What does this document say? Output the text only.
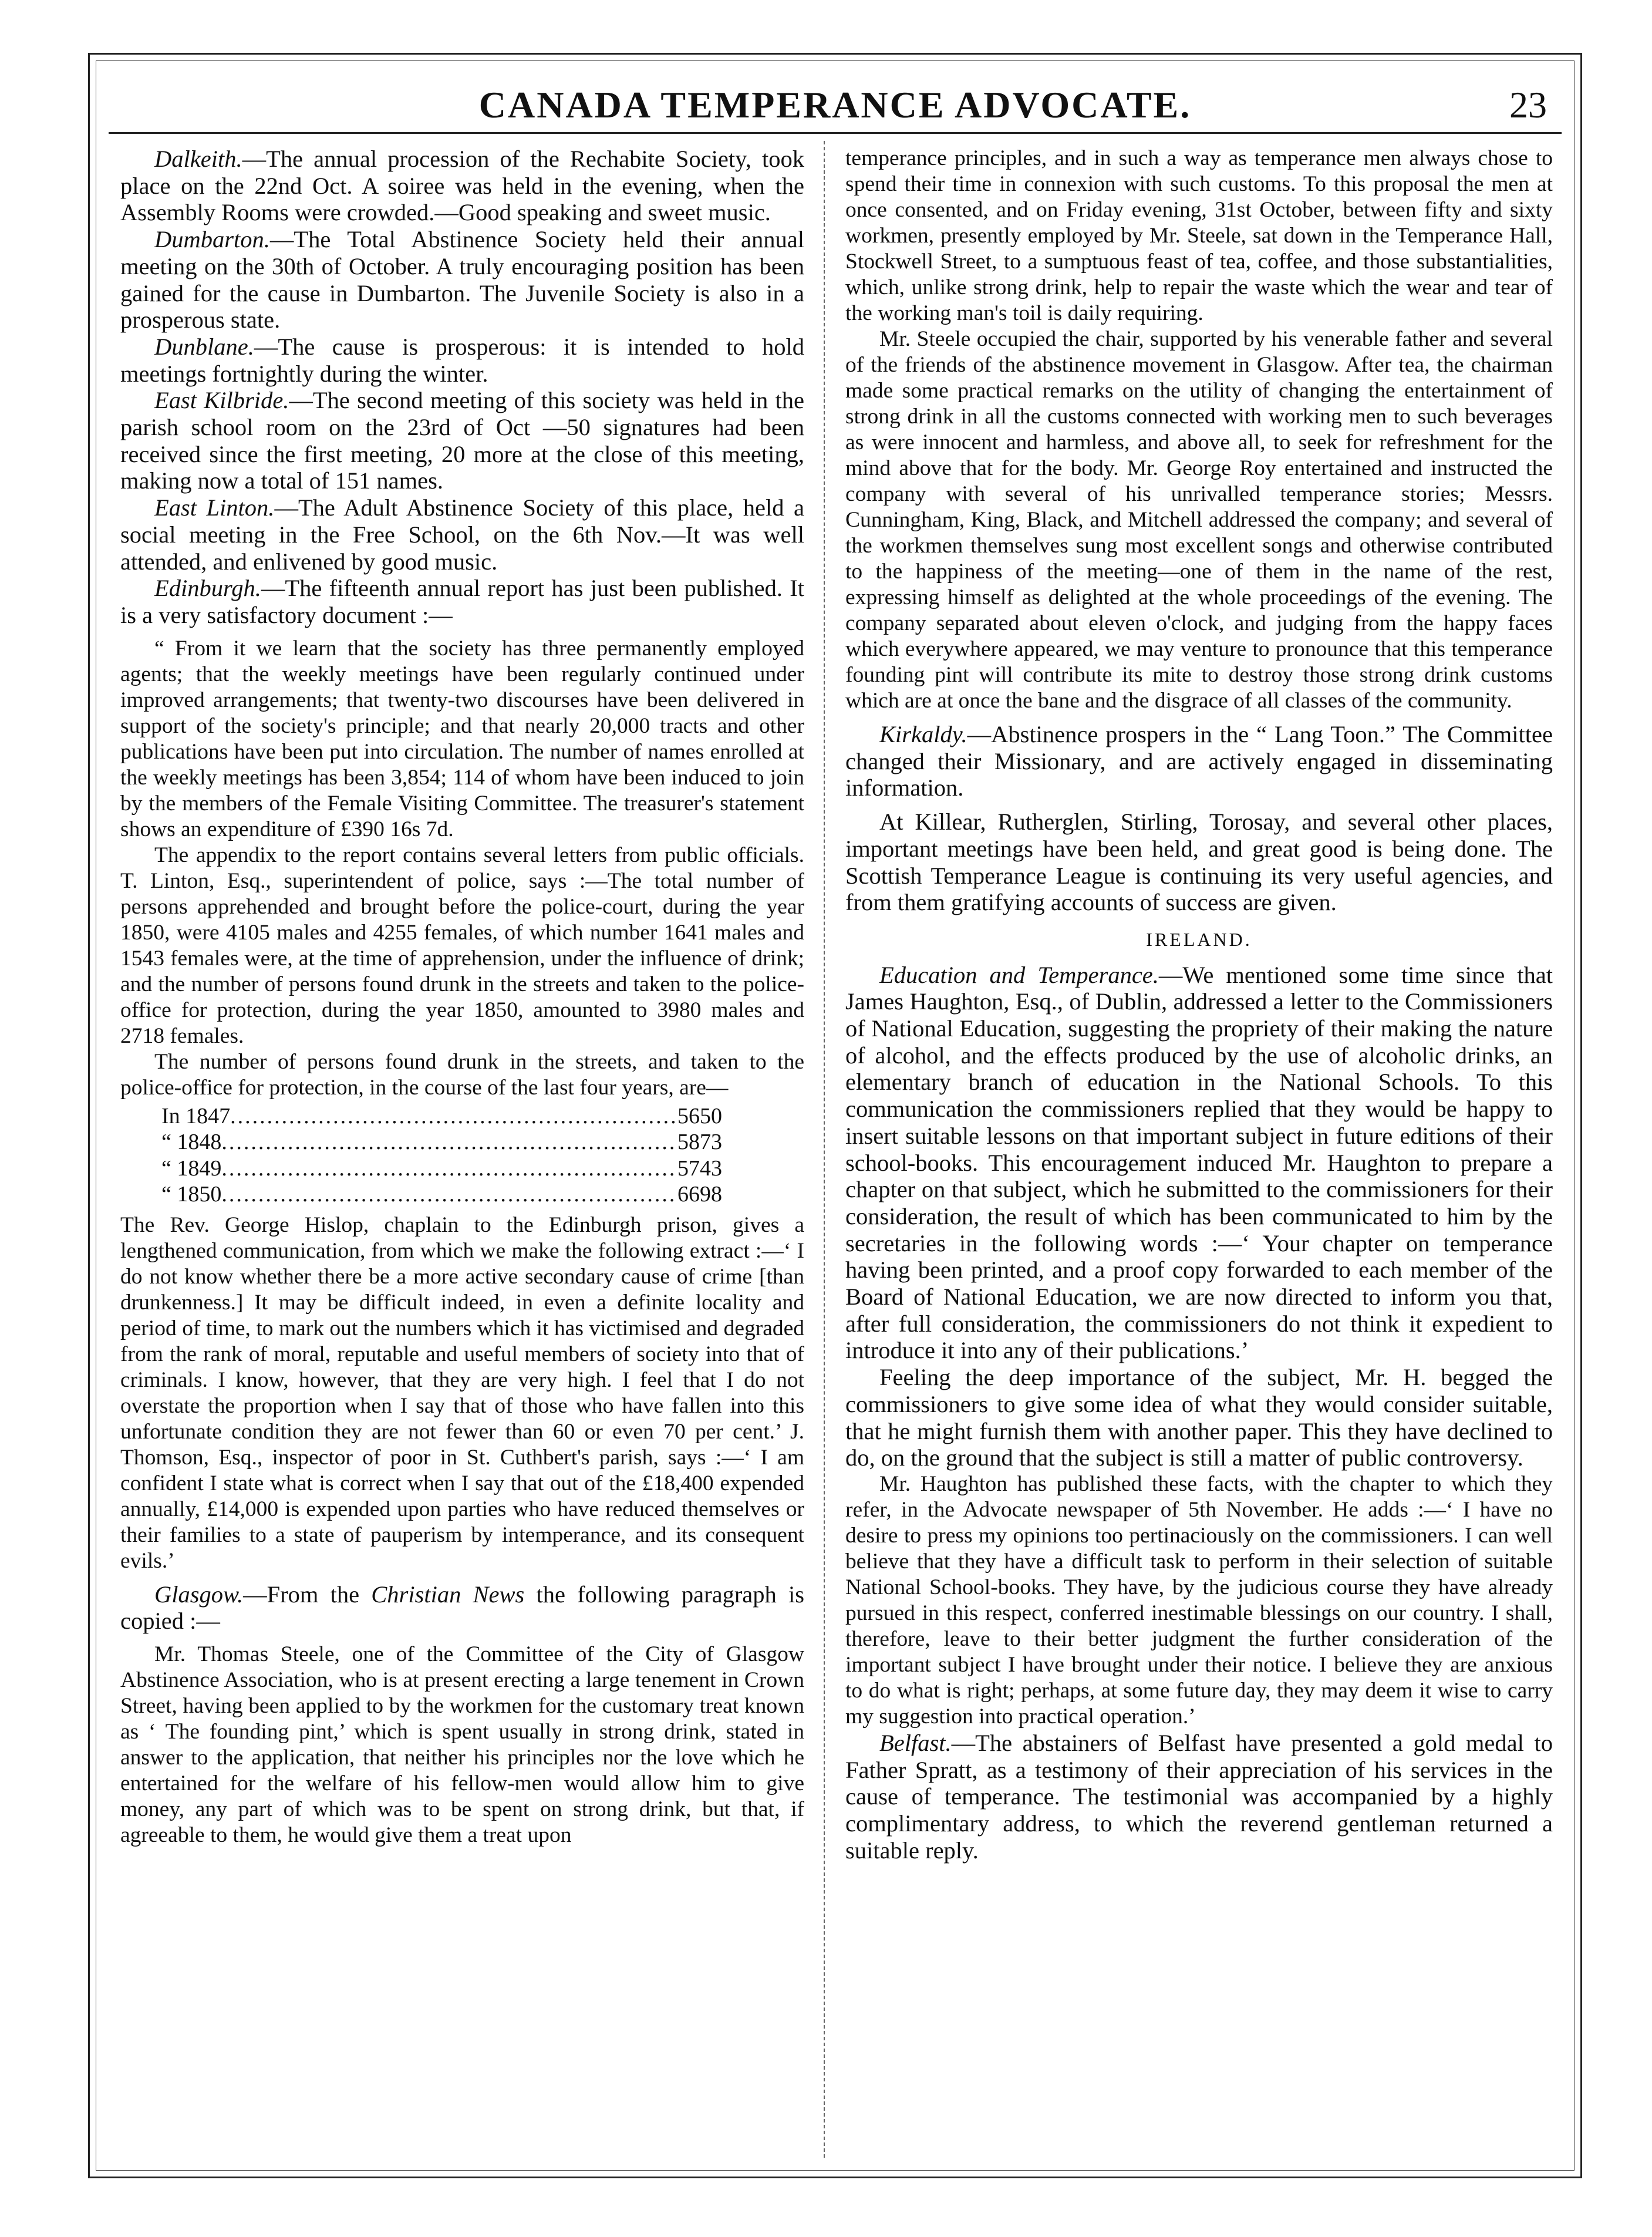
CANADA TEMPERANCE ADVOCATE.	23

Dalkeith.—The annual procession of the Rechabite Society, took place on the 22nd Oct. A soiree was held in the evening, when the Assembly Rooms were crowded.—Good speaking and sweet music.

Dumbarton.—The Total Abstinence Society held their annual meeting on the 30th of October. A truly encouraging position has been gained for the cause in Dumbarton. The Juvenile Society is also in a prosperous state.

Dunblane.—The cause is prosperous: it is intended to hold meetings fortnightly during the winter.

East Kilbride.—The second meeting of this society was held in the parish school room on the 23rd of Oct —50 signatures had been received since the first meeting, 20 more at the close of this meeting, making now a total of 151 names.

East Linton.—The Adult Abstinence Society of this place, held a social meeting in the Free School, on the 6th Nov.—It was well attended, and enlivened by good music.

Edinburgh.—The fifteenth annual report has just been published. It is a very satisfactory document :—

“ From it we learn that the society has three permanently employed agents; that the weekly meetings have been regularly continued under improved arrangements; that twenty-two discourses have been delivered in support of the society's principle; and that nearly 20,000 tracts and other publications have been put into circulation. The number of names enrolled at the weekly meetings has been 3,854; 114 of whom have been induced to join by the members of the Female Visiting Committee. The treasurer's statement shows an expenditure of £390 16s 7d.

The appendix to the report contains several letters from public officials. T. Linton, Esq., superintendent of police, says :—The total number of persons apprehended and brought before the police-court, during the year 1850, were 4105 males and 4255 females, of which number 1641 males and 1543 females were, at the time of apprehension, under the influence of drink; and the number of persons found drunk in the streets and taken to the police-office for protection, during the year 1850, amounted to 3980 males and 2718 females.

The number of persons found drunk in the streets, and taken to the police-office for protection, in the course of the last four years, are—

In 1847 .....	5650
“ 1848 .....	5873
“ 1849 .....	5743
“ 1850 .....	6698

The Rev. George Hislop, chaplain to the Edinburgh prison, gives a lengthened communication, from which we make the following extract :—‘ I do not know whether there be a more active secondary cause of crime [than drunkenness.] It may be difficult indeed, in even a definite locality and period of time, to mark out the numbers which it has victimised and degraded from the rank of moral, reputable and useful members of society into that of criminals. I know, however, that they are very high. I feel that I do not overstate the proportion when I say that of those who have fallen into this unfortunate condition they are not fewer than 60 or even 70 per cent.’ J. Thomson, Esq., inspector of poor in St. Cuthbert's parish, says :—‘ I am confident I state what is correct when I say that out of the £18,400 expended annually, £14,000 is expended upon parties who have reduced themselves or their families to a state of pauperism by intemperance, and its consequent evils.’

Glasgow.—From the Christian News the following paragraph is copied :—

Mr. Thomas Steele, one of the Committee of the City of Glasgow Abstinence Association, who is at present erecting a large tenement in Crown Street, having been applied to by the workmen for the customary treat known as ‘ The founding pint,’ which is spent usually in strong drink, stated in answer to the application, that neither his principles nor the love which he entertained for the welfare of his fellow-men would allow him to give money, any part of which was to be spent on strong drink, but that, if agreeable to them, he would give them a treat upon

temperance principles, and in such a way as temperance men always chose to spend their time in connexion with such customs. To this proposal the men at once consented, and on Friday evening, 31st October, between fifty and sixty workmen, presently employed by Mr. Steele, sat down in the Temperance Hall, Stockwell Street, to a sumptuous feast of tea, coffee, and those substantialities, which, unlike strong drink, help to repair the waste which the wear and tear of the working man's toil is daily requiring.

Mr. Steele occupied the chair, supported by his venerable father and several of the friends of the abstinence movement in Glasgow. After tea, the chairman made some practical remarks on the utility of changing the entertainment of strong drink in all the customs connected with working men to such beverages as were innocent and harmless, and above all, to seek for refreshment for the mind above that for the body. Mr. George Roy entertained and instructed the company with several of his unrivalled temperance stories; Messrs. Cunningham, King, Black, and Mitchell addressed the company; and several of the workmen themselves sung most excellent songs and otherwise contributed to the happiness of the meeting—one of them in the name of the rest, expressing himself as delighted at the whole proceedings of the evening. The company separated about eleven o'clock, and judging from the happy faces which everywhere appeared, we may venture to pronounce that this temperance founding pint will contribute its mite to destroy those strong drink customs which are at once the bane and the disgrace of all classes of the community.

Kirkaldy.—Abstinence prospers in the “ Lang Toon.” The Committee changed their Missionary, and are actively engaged in disseminating information.

At Killear, Rutherglen, Stirling, Torosay, and several other places, important meetings have been held, and great good is being done. The Scottish Temperance League is continuing its very useful agencies, and from them gratifying accounts of success are given.

IRELAND.

Education and Temperance.—We mentioned some time since that James Haughton, Esq., of Dublin, addressed a letter to the Commissioners of National Education, suggesting the propriety of their making the nature of alcohol, and the effects produced by the use of alcoholic drinks, an elementary branch of education in the National Schools. To this communication the commissioners replied that they would be happy to insert suitable lessons on that important subject in future editions of their school-books. This encouragement induced Mr. Haughton to prepare a chapter on that subject, which he submitted to the commissioners for their consideration, the result of which has been communicated to him by the secretaries in the following words :—‘ Your chapter on temperance having been printed, and a proof copy forwarded to each member of the Board of National Education, we are now directed to inform you that, after full consideration, the commissioners do not think it expedient to introduce it into any of their publications.’

Feeling the deep importance of the subject, Mr. H. begged the commissioners to give some idea of what they would consider suitable, that he might furnish them with another paper. This they have declined to do, on the ground that the subject is still a matter of public controversy.

Mr. Haughton has published these facts, with the chapter to which they refer, in the Advocate newspaper of 5th November. He adds :—‘ I have no desire to press my opinions too pertinaciously on the commissioners. I can well believe that they have a difficult task to perform in their selection of suitable National School-books. They have, by the judicious course they have already pursued in this respect, conferred inestimable blessings on our country. I shall, therefore, leave to their better judgment the further consideration of the important subject I have brought under their notice. I believe they are anxious to do what is right; perhaps, at some future day, they may deem it wise to carry my suggestion into practical operation.’

Belfast.—The abstainers of Belfast have presented a gold medal to Father Spratt, as a testimony of their appreciation of his services in the cause of temperance. The testimonial was accompanied by a highly complimentary address, to which the reverend gentleman returned a suitable reply.
